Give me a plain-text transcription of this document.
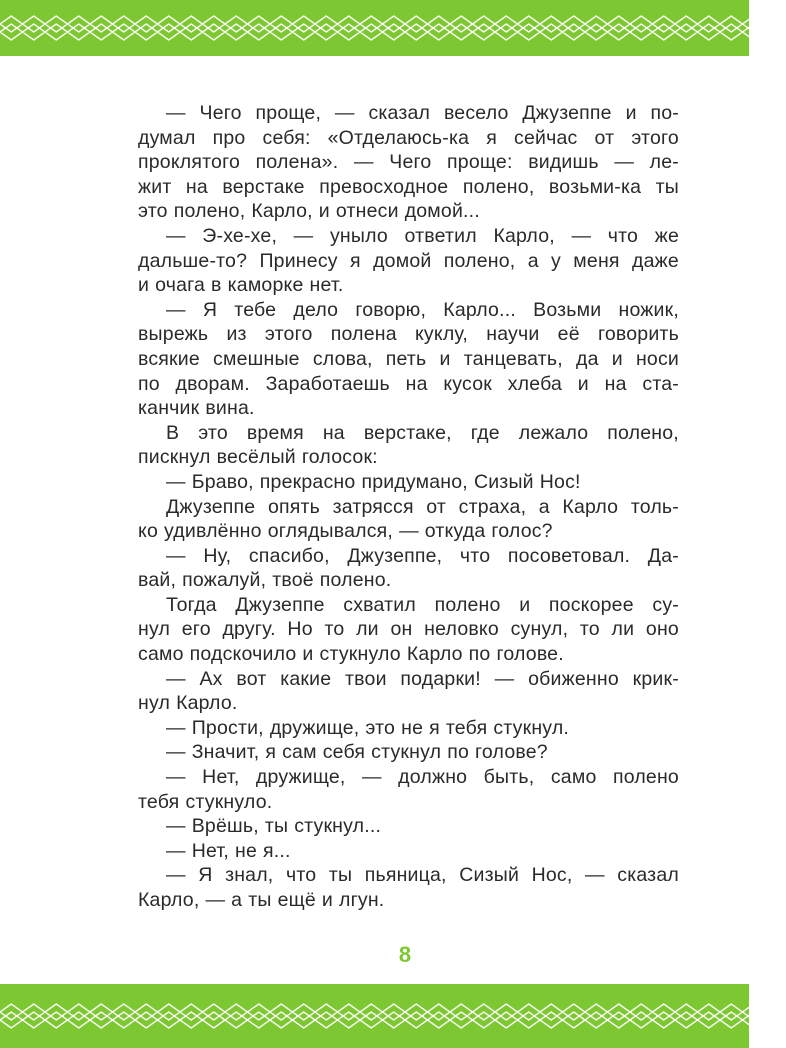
— Чего проще, — сказал весело Джузеппе и по-
думал про себя: «Отделаюсь-ка я сейчас от этого
проклятого полена». — Чего проще: видишь — ле-
жит на верстаке превосходное полено, возьми-ка ты
это полено, Карло, и отнеси домой...
— Э-хе-хе, — уныло ответил Карло, — что же
дальше-то? Принесу я домой полено, а у меня даже
и очага в каморке нет.
— Я тебе дело говорю, Карло... Возьми ножик,
вырежь из этого полена куклу, научи её говорить
всякие смешные слова, петь и танцевать, да и носи
по дворам. Заработаешь на кусок хлеба и на ста-
канчик вина.
В это время на верстаке, где лежало полено,
пискнул весёлый голосок:
— Браво, прекрасно придумано, Сизый Нос!
Джузеппе опять затрясся от страха, а Карло толь-
ко удивлённо оглядывался, — откуда голос?
— Ну, спасибо, Джузеппе, что посоветовал. Да-
вай, пожалуй, твоё полено.
Тогда Джузеппе схватил полено и поскорее су-
нул его другу. Но то ли он неловко сунул, то ли оно
само подскочило и стукнуло Карло по голове.
— Ах вот какие твои подарки! — обиженно крик-
нул Карло.
— Прости, дружище, это не я тебя стукнул.
— Значит, я сам себя стукнул по голове?
— Нет, дружище, — должно быть, само полено
тебя стукнуло.
— Врёшь, ты стукнул...
— Нет, не я...
— Я знал, что ты пьяница, Сизый Нос, — сказал
Карло, — а ты ещё и лгун.
8
